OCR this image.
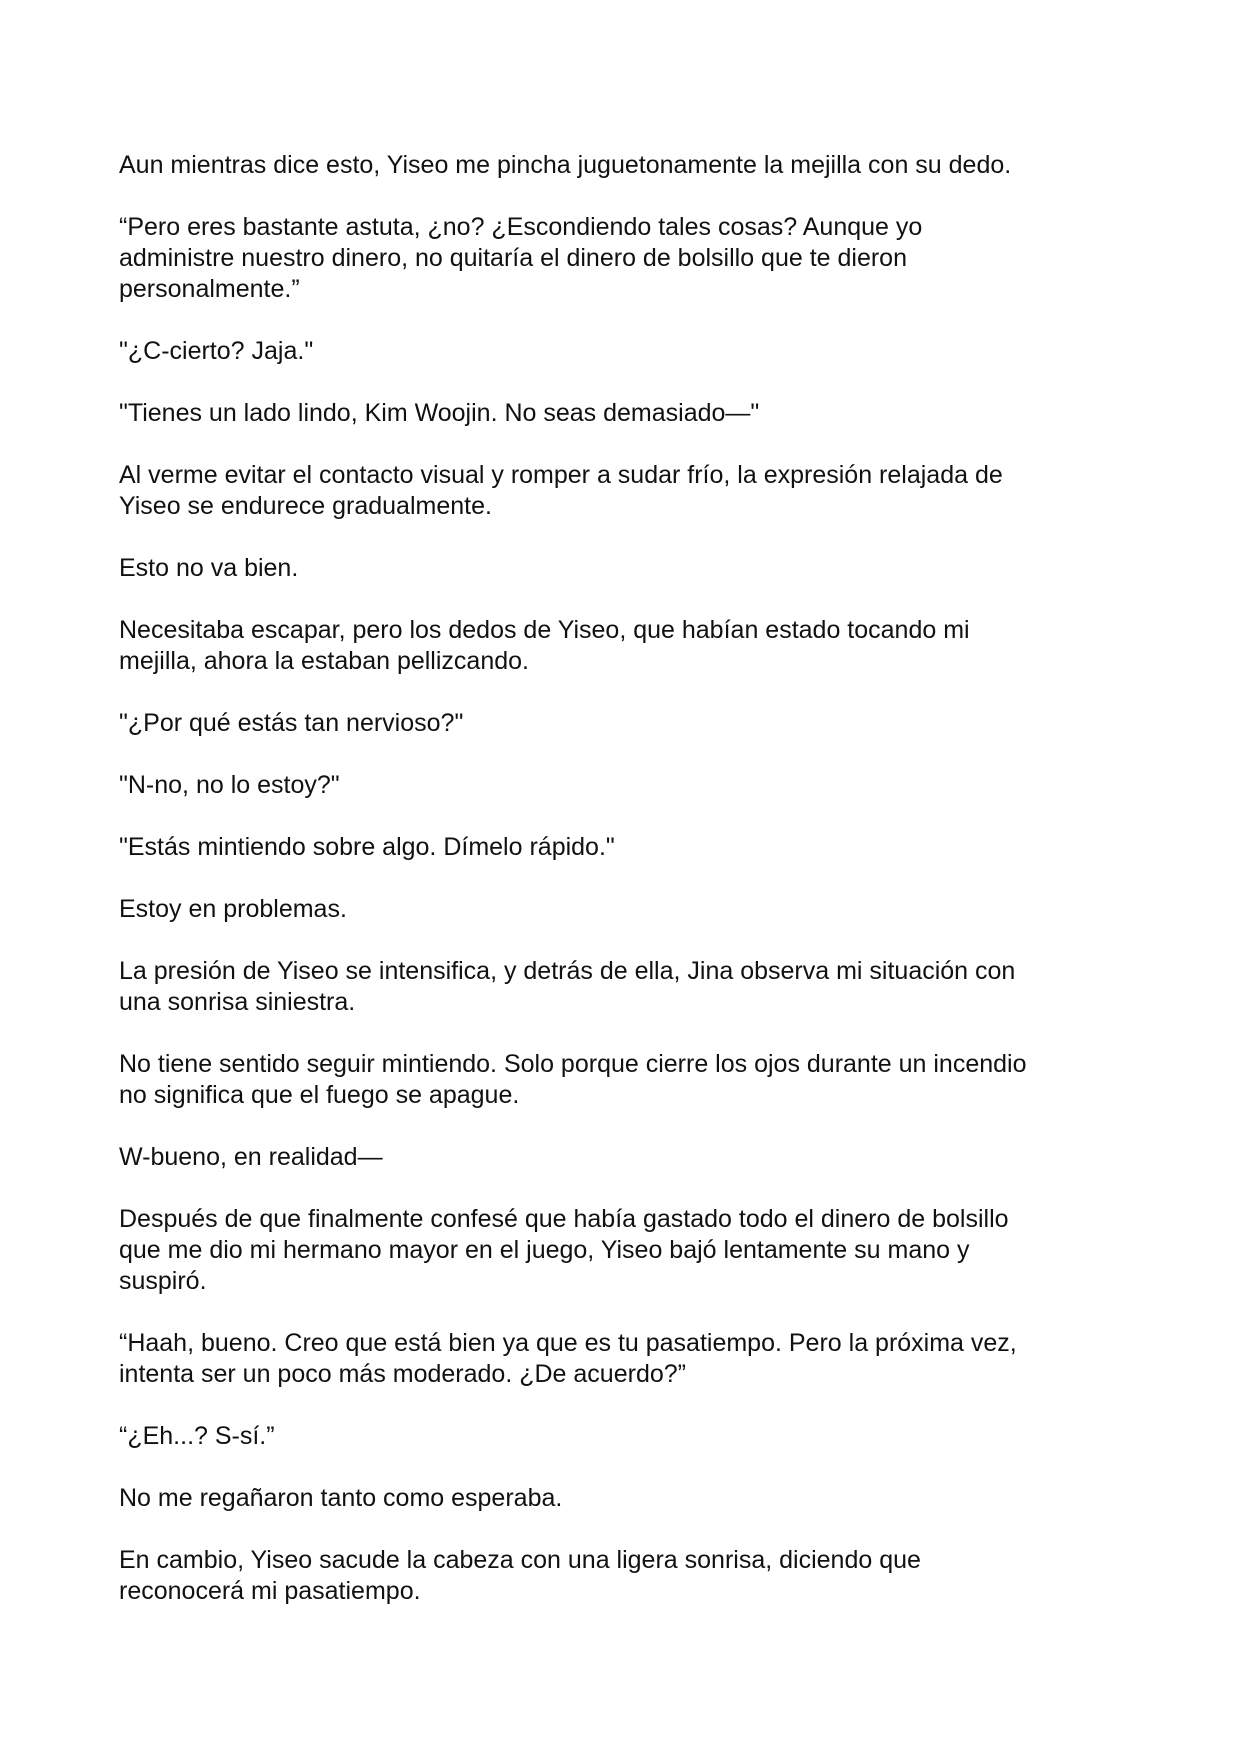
Aun mientras dice esto, Yiseo me pincha juguetonamente la mejilla con su dedo.

“Pero eres bastante astuta, ¿no? ¿Escondiendo tales cosas? Aunque yo
administre nuestro dinero, no quitaría el dinero de bolsillo que te dieron
personalmente.”

"¿C-cierto? Jaja."

"Tienes un lado lindo, Kim Woojin. No seas demasiado—"

Al verme evitar el contacto visual y romper a sudar frío, la expresión relajada de
Yiseo se endurece gradualmente.

Esto no va bien.

Necesitaba escapar, pero los dedos de Yiseo, que habían estado tocando mi
mejilla, ahora la estaban pellizcando.

"¿Por qué estás tan nervioso?"

"N-no, no lo estoy?"

"Estás mintiendo sobre algo. Dímelo rápido."

Estoy en problemas.

La presión de Yiseo se intensifica, y detrás de ella, Jina observa mi situación con
una sonrisa siniestra.

No tiene sentido seguir mintiendo. Solo porque cierre los ojos durante un incendio
no significa que el fuego se apague.

W-bueno, en realidad—

Después de que finalmente confesé que había gastado todo el dinero de bolsillo
que me dio mi hermano mayor en el juego, Yiseo bajó lentamente su mano y
suspiró.

“Haah, bueno. Creo que está bien ya que es tu pasatiempo. Pero la próxima vez,
intenta ser un poco más moderado. ¿De acuerdo?”

“¿Eh...? S-sí.”

No me regañaron tanto como esperaba.

En cambio, Yiseo sacude la cabeza con una ligera sonrisa, diciendo que
reconocerá mi pasatiempo.
